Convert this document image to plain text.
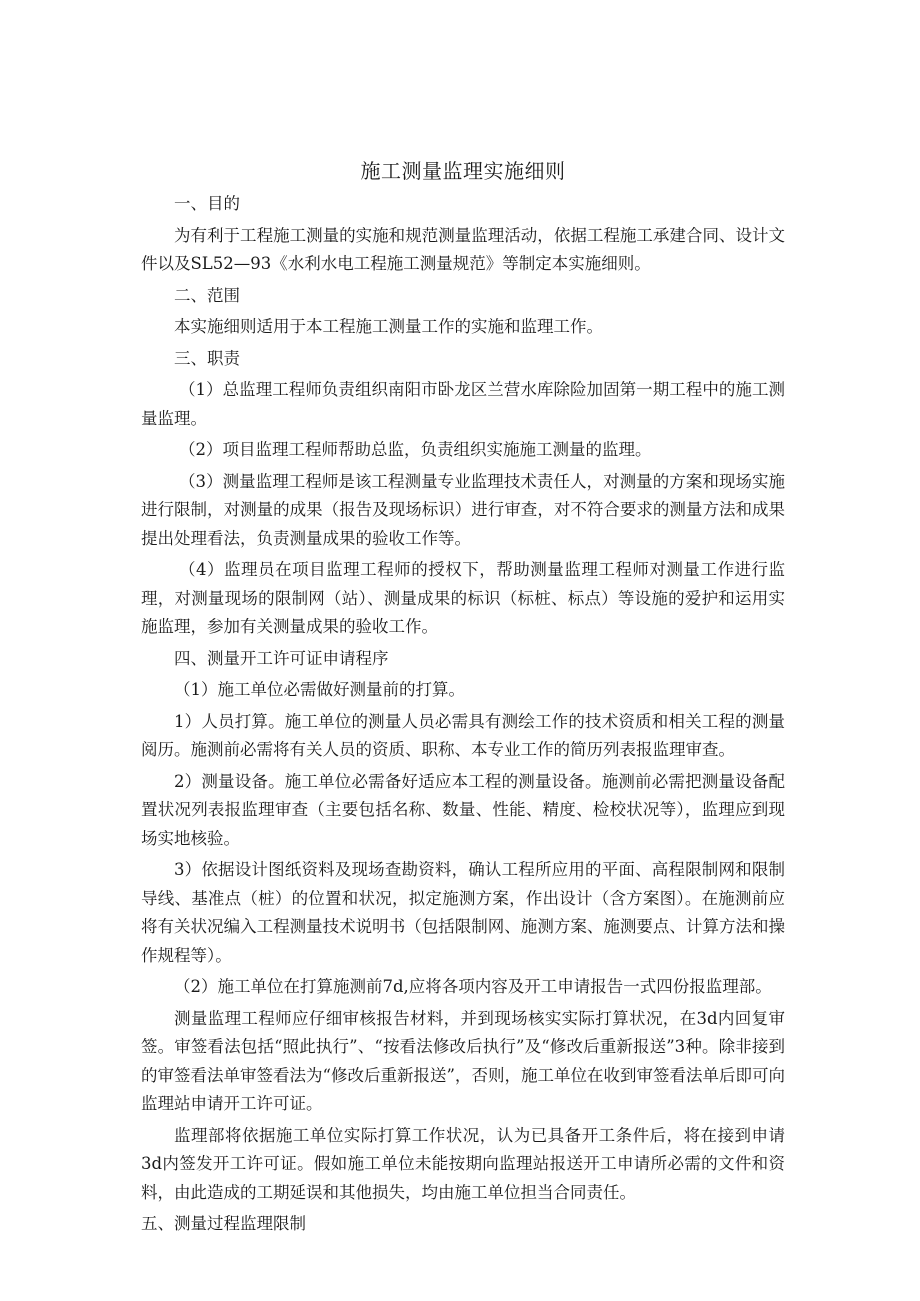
施工测量监理实施细则
一、目的

为有利于工程施工测量的实施和规范测量监理活动，依据工程施工承建合同、设计文件以及SL52—93《水利水电工程施工测量规范》等制定本实施细则。

二、范围

本实施细则适用于本工程施工测量工作的实施和监理工作。

三、职责

（1）总监理工程师负责组织南阳市卧龙区兰营水库除险加固第一期工程中的施工测量监理。

（2）项目监理工程师帮助总监，负责组织实施施工测量的监理。

（3）测量监理工程师是该工程测量专业监理技术责任人，对测量的方案和现场实施进行限制，对测量的成果（报告及现场标识）进行审查，对不符合要求的测量方法和成果提出处理看法，负责测量成果的验收工作等。

（4）监理员在项目监理工程师的授权下，帮助测量监理工程师对测量工作进行监理，对测量现场的限制网（站）、测量成果的标识（标桩、标点）等设施的爱护和运用实施监理，参加有关测量成果的验收工作。

四、测量开工许可证申请程序

（1）施工单位必需做好测量前的打算。

1）人员打算。施工单位的测量人员必需具有测绘工作的技术资质和相关工程的测量阅历。施测前必需将有关人员的资质、职称、本专业工作的简历列表报监理审查。

2）测量设备。施工单位必需备好适应本工程的测量设备。施测前必需把测量设备配置状况列表报监理审查（主要包括名称、数量、性能、精度、检校状况等），监理应到现场实地核验。

3）依据设计图纸资料及现场查勘资料，确认工程所应用的平面、高程限制网和限制导线、基准点（桩）的位置和状况，拟定施测方案，作出设计（含方案图）。在施测前应将有关状况编入工程测量技术说明书（包括限制网、施测方案、施测要点、计算方法和操作规程等）。

（2）施工单位在打算施测前7d,应将各项内容及开工申请报告一式四份报监理部。

测量监理工程师应仔细审核报告材料，并到现场核实实际打算状况，在3d内回复审签。审签看法包括“照此执行”、“按看法修改后执行”及“修改后重新报送”3种。除非接到的审签看法单审签看法为“修改后重新报送”，否则，施工单位在收到审签看法单后即可向监理站申请开工许可证。

监理部将依据施工单位实际打算工作状况，认为已具备开工条件后，将在接到申请3d内签发开工许可证。假如施工单位未能按期向监理站报送开工申请所必需的文件和资料，由此造成的工期延误和其他损失，均由施工单位担当合同责任。

五、测量过程监理限制
